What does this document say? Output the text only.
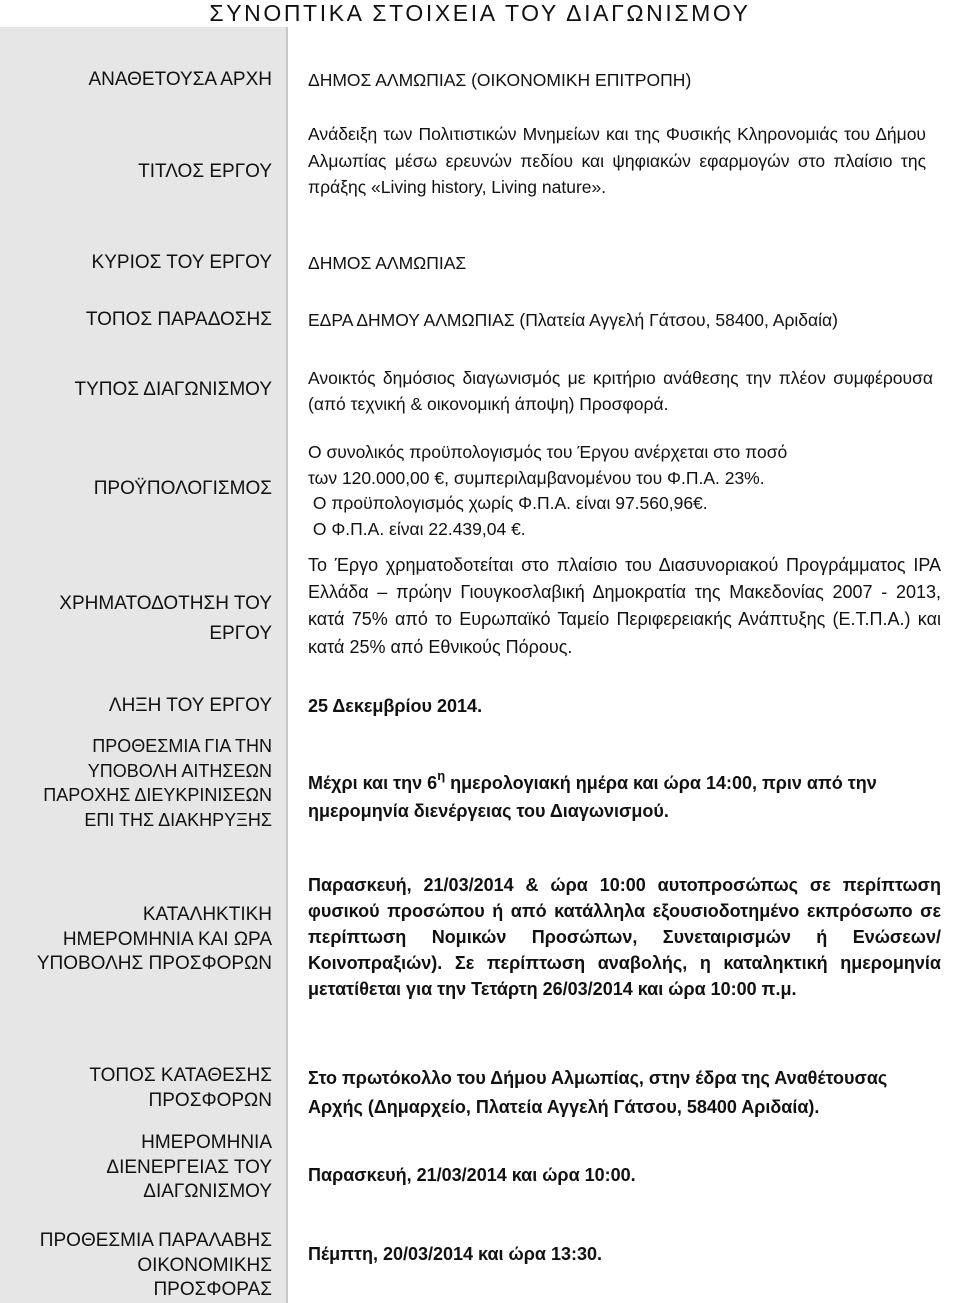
ΣΥΝΟΠΤΙΚΑ ΣΤΟΙΧΕΙΑ ΤΟΥ ΔΙΑΓΩΝΙΣΜΟΥ
ΑΝΑΘΕΤΟΥΣΑ ΑΡΧΗ ΔΗΜΟΣ ΑΛΜΩΠΙΑΣ (ΟΙΚΟΝΟΜΙΚΗ ΕΠΙΤΡΟΠΗ)
ΤΙΤΛΟΣ ΕΡΓΟΥ
Ανάδειξη των Πολιτιστικών Μνημείων και της Φυσικής Κληρονομιάς του Δήμου Αλμωπίας μέσω ερευνών πεδίου και ψηφιακών εφαρμογών στο πλαίσιο της πράξης «Living history, Living nature».
ΚΥΡΙΟΣ ΤΟΥ ΕΡΓΟΥ ΔΗΜΟΣ ΑΛΜΩΠΙΑΣ
ΤΟΠΟΣ ΠΑΡΑΔΟΣΗΣ ΕΔΡΑ ΔΗΜΟΥ ΑΛΜΩΠΙΑΣ (Πλατεία Αγγελή Γάτσου, 58400, Αριδαία)
ΤΥΠΟΣ ΔΙΑΓΩΝΙΣΜΟΥ
Ανοικτός δημόσιος διαγωνισμός με κριτήριο ανάθεσης την πλέον συμφέρουσα (από τεχνική & οικονομική άποψη) Προσφορά.
ΠΡΟΫΠΟΛΟΓΙΣΜΟΣ
Ο συνολικός προϋπολογισμός του Έργου ανέρχεται στο ποσό
των 120.000,00 €, συμπεριλαμβανομένου του Φ.Π.Α. 23%.
Ο προϋπολογισμός χωρίς Φ.Π.Α. είναι 97.560,96€.
Ο Φ.Π.Α. είναι 22.439,04 €.
ΧΡΗΜΑΤΟΔΟΤΗΣΗ ΤΟΥ
ΕΡΓΟΥ
Το Έργο χρηματοδοτείται στο πλαίσιο του Διασυνοριακού Προγράμματος IPA Ελλάδα – πρώην Γιουγκοσλαβική Δημοκρατία της Μακεδονίας 2007 - 2013, κατά 75% από το Ευρωπαϊκό Ταμείο Περιφερειακής Ανάπτυξης (Ε.Τ.Π.Α.) και κατά 25% από Εθνικούς Πόρους.
ΛΗΞΗ ΤΟΥ ΕΡΓΟΥ 25 Δεκεμβρίου 2014.
ΠΡΟΘΕΣΜΙΑ ΓΙΑ ΤΗΝ
ΥΠΟΒΟΛΗ ΑΙΤΗΣΕΩΝ
ΠΑΡΟΧΗΣ ΔΙΕΥΚΡΙΝΙΣΕΩΝ
ΕΠΙ ΤΗΣ ΔΙΑΚΗΡΥΞΗΣ
Μέχρι και την $6^\eta$ ημερολογιακή ημέρα και ώρα 14:00, πριν από την ημερομηνία διενέργειας του Διαγωνισμού.
ΚΑΤΑΛΗΚΤΙΚΗ
ΗΜΕΡΟΜΗΝΙΑ ΚΑΙ ΩΡΑ
ΥΠΟΒΟΛΗΣ ΠΡΟΣΦΟΡΩΝ
Παρασκευή, 21/03/2014 & ώρα 10:00 αυτοπροσώπως σε περίπτωση φυσικού προσώπου ή από κατάλληλα εξουσιοδοτημένο εκπρόσωπο σε περίπτωση Νομικών Προσώπων, Συνεταιρισμών ή Ενώσεων/ Κοινοπραξιών). Σε περίπτωση αναβολής, η καταληκτική ημερομηνία μετατίθεται για την Τετάρτη 26/03/2014 και ώρα 10:00 π.μ.
ΤΟΠΟΣ ΚΑΤΑΘΕΣΗΣ
ΠΡΟΣΦΟΡΩΝ
Στο πρωτόκολλο του Δήμου Αλμωπίας, στην έδρα της Αναθέτουσας Αρχής (Δημαρχείο, Πλατεία Αγγελή Γάτσου, 58400 Αριδαία).
ΗΜΕΡΟΜΗΝΙΑ
ΔΙΕΝΕΡΓΕΙΑΣ ΤΟΥ
ΔΙΑΓΩΝΙΣΜΟΥ
Παρασκευή, 21/03/2014 και ώρα 10:00.
ΠΡΟΘΕΣΜΙΑ ΠΑΡΑΛΑΒΗΣ
ΟΙΚΟΝΟΜΙΚΗΣ
ΠΡΟΣΦΟΡΑΣ
Πέμπτη, 20/03/2014 και ώρα 13:30.
